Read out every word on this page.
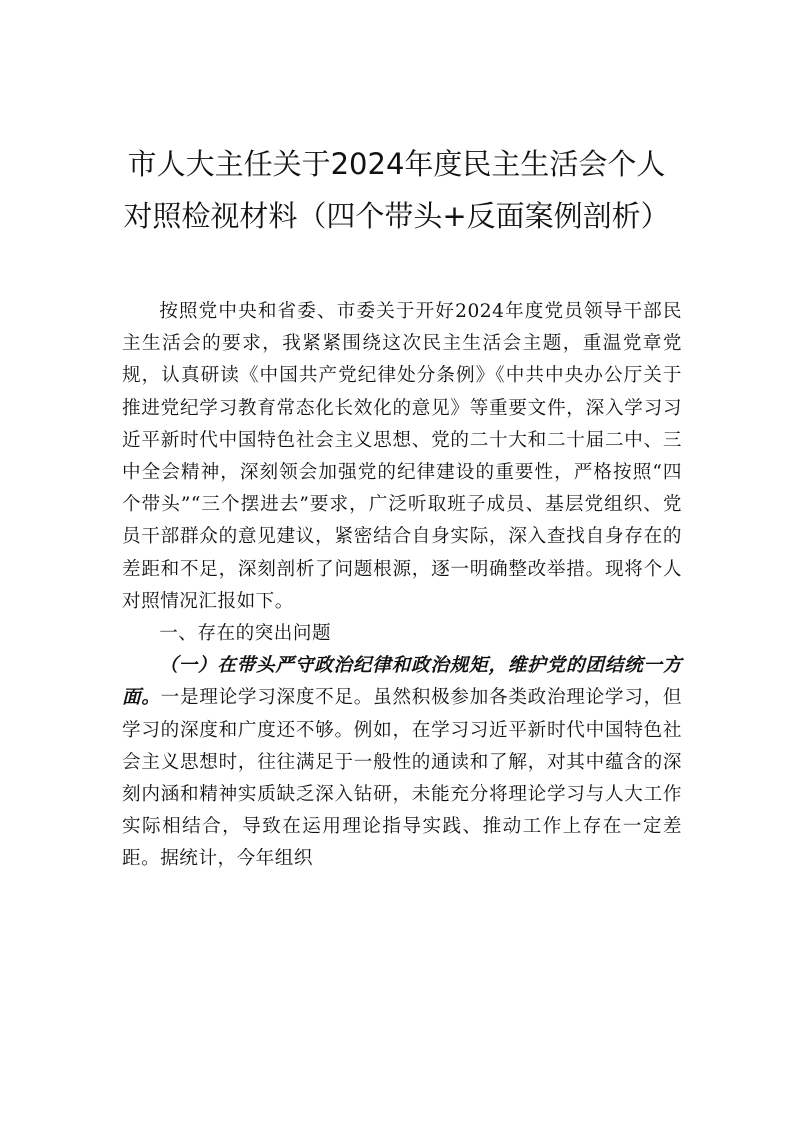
市人大主任关于2024年度民主生活会个人
对照检视材料（四个带头+反面案例剖析）

按照党中央和省委、市委关于开好2024年度党员领导干部民主生活会的要求，我紧紧围绕这次民主生活会主题，重温党章党规，认真研读《中国共产党纪律处分条例》《中共中央办公厅关于推进党纪学习教育常态化长效化的意见》等重要文件，深入学习习近平新时代中国特色社会主义思想、党的二十大和二十届二中、三中全会精神，深刻领会加强党的纪律建设的重要性，严格按照“四个带头”“三个摆进去”要求，广泛听取班子成员、基层党组织、党员干部群众的意见建议，紧密结合自身实际，深入查找自身存在的差距和不足，深刻剖析了问题根源，逐一明确整改举措。现将个人对照情况汇报如下。

一、存在的突出问题

（一）在带头严守政治纪律和政治规矩，维护党的团结统一方面。一是理论学习深度不足。虽然积极参加各类政治理论学习，但学习的深度和广度还不够。例如，在学习习近平新时代中国特色社会主义思想时，往往满足于一般性的通读和了解，对其中蕴含的深刻内涵和精神实质缺乏深入钻研，未能充分将理论学习与人大工作实际相结合，导致在运用理论指导实践、推动工作上存在一定差距。据统计，今年组织
